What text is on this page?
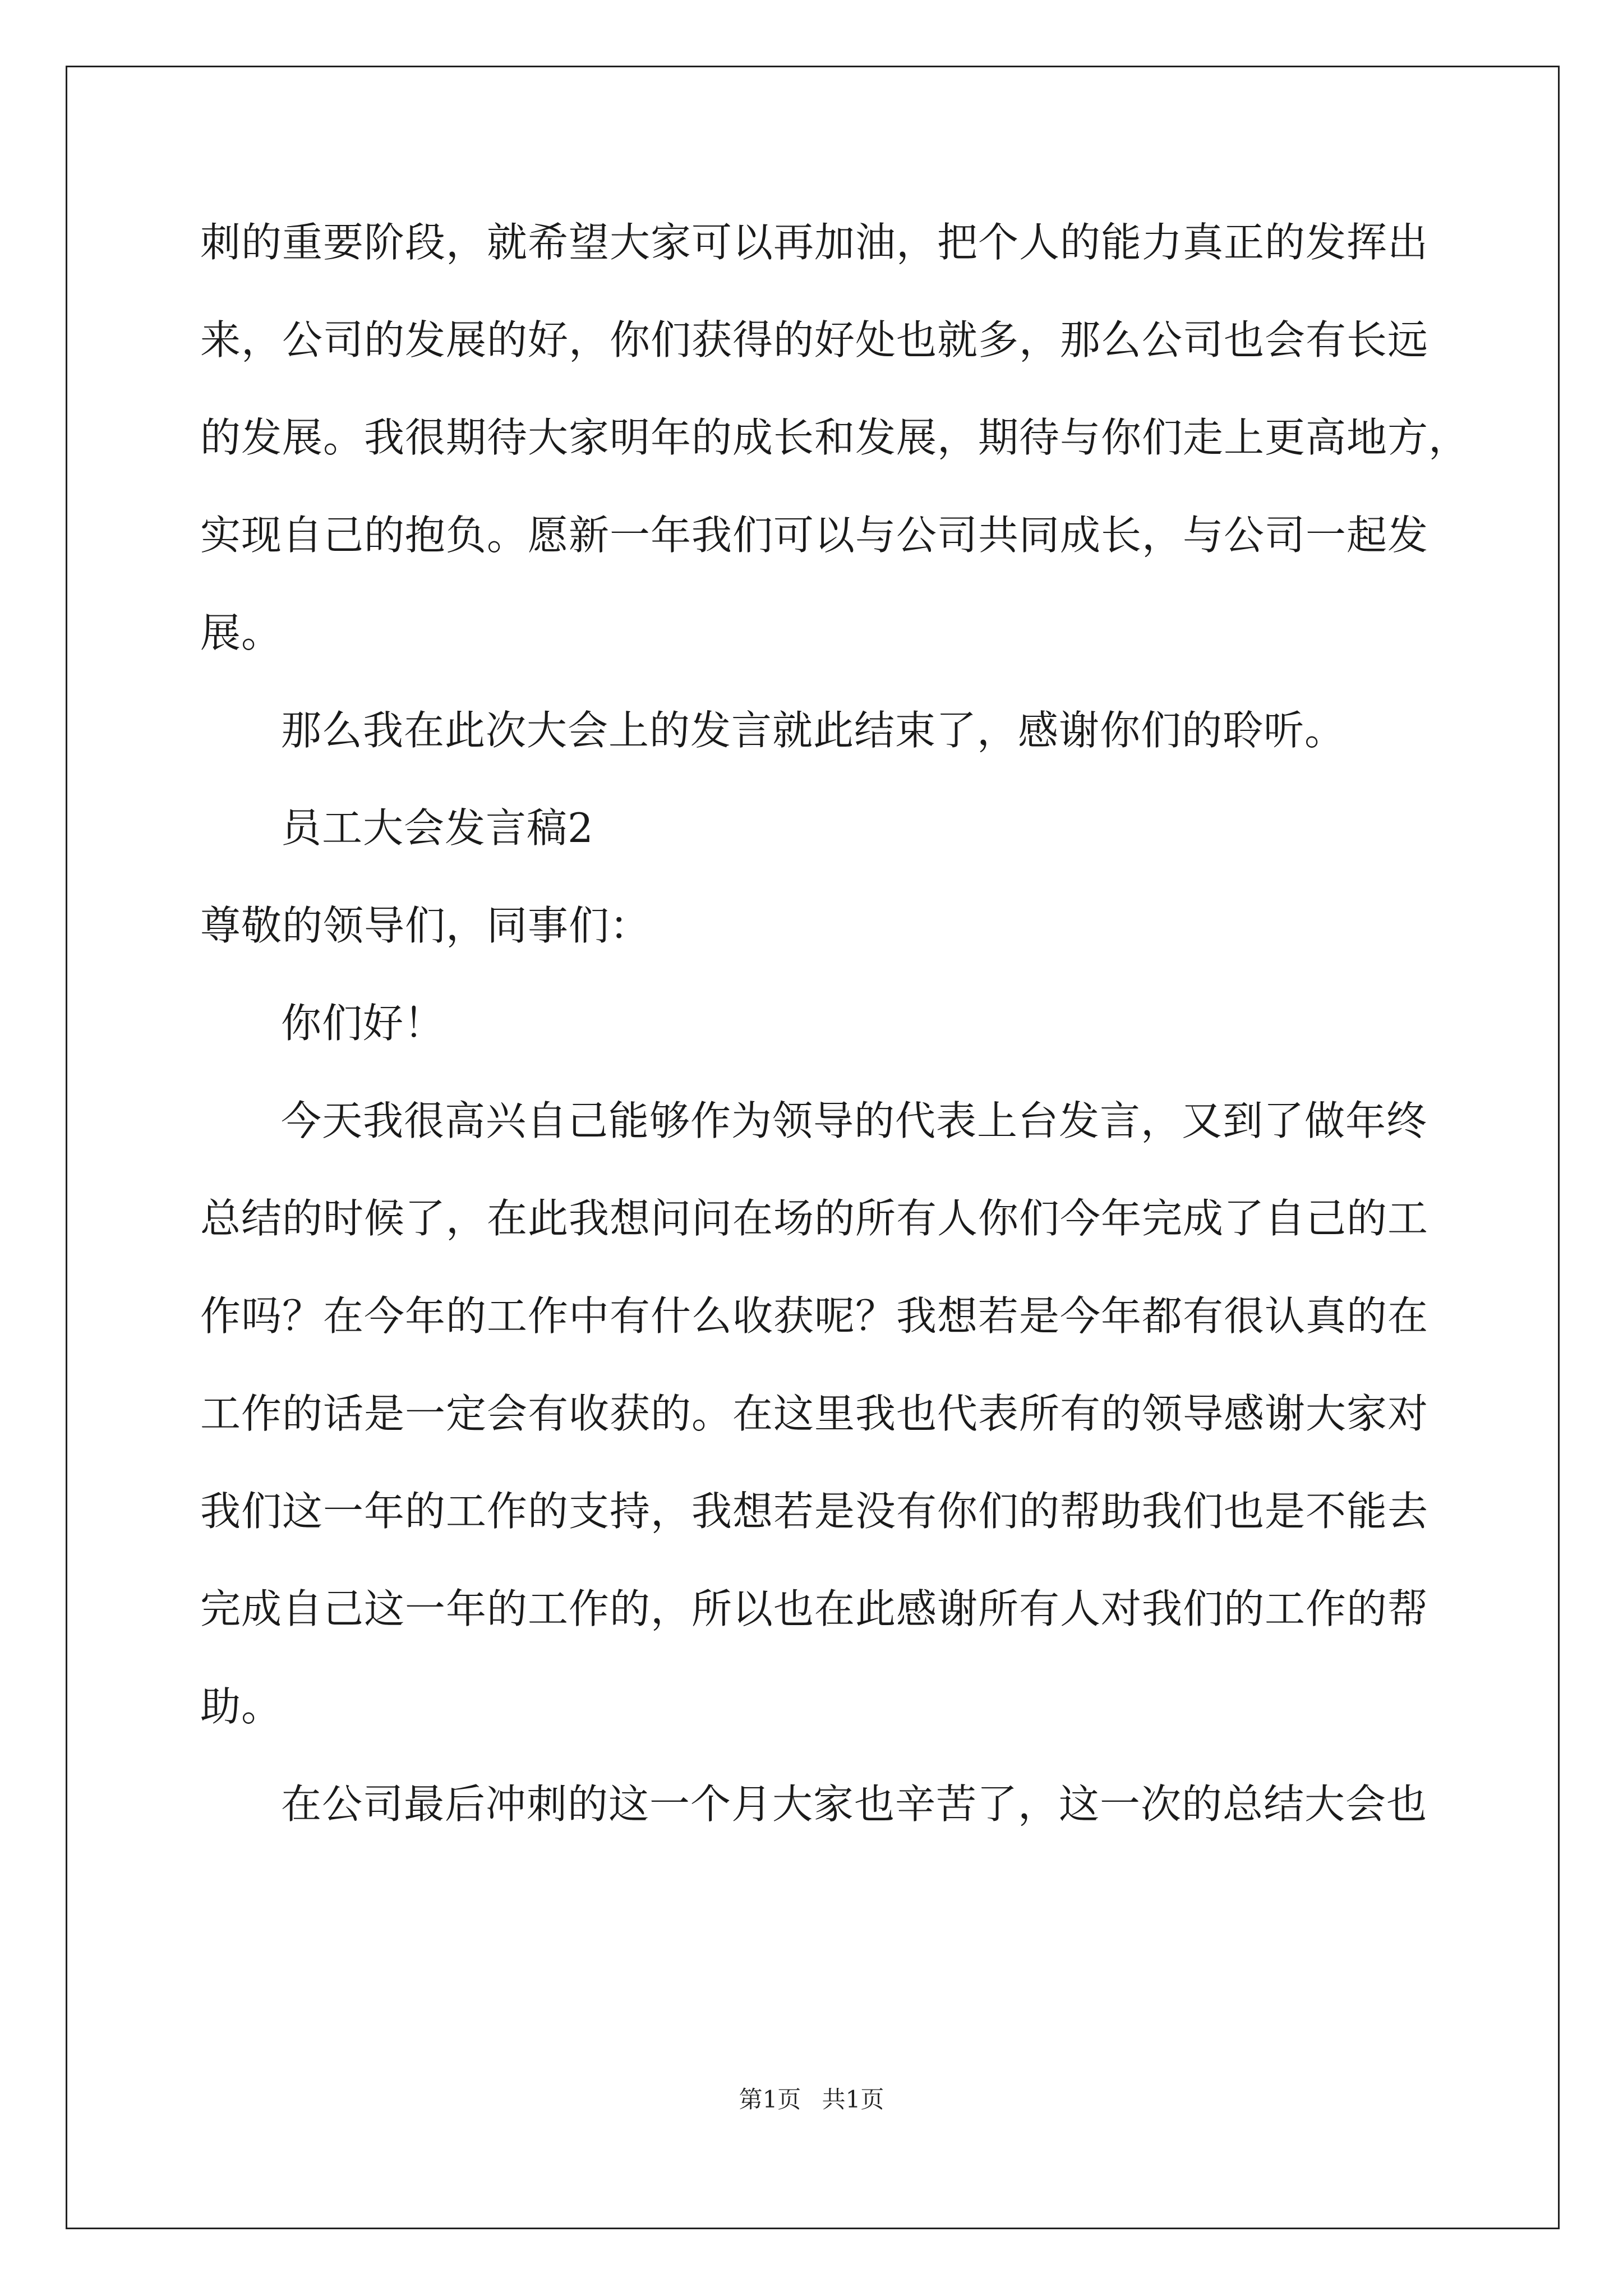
刺的重要阶段，就希望大家可以再加油，把个人的能力真正的发挥出
来，公司的发展的好，你们获得的好处也就多，那么公司也会有长远
的发展。我很期待大家明年的成长和发展，期待与你们走上更高地方，
实现自己的抱负。愿新一年我们可以与公司共同成长，与公司一起发
展。
那么我在此次大会上的发言就此结束了，感谢你们的聆听。
员工大会发言稿2
尊敬的领导们，同事们：
你们好！
今天我很高兴自己能够作为领导的代表上台发言，又到了做年终
总结的时候了，在此我想问问在场的所有人你们今年完成了自己的工
作吗？在今年的工作中有什么收获呢？我想若是今年都有很认真的在
工作的话是一定会有收获的。在这里我也代表所有的领导感谢大家对
我们这一年的工作的支持，我想若是没有你们的帮助我们也是不能去
完成自己这一年的工作的，所以也在此感谢所有人对我们的工作的帮
助。
在公司最后冲刺的这一个月大家也辛苦了，这一次的总结大会也
第1页 共1页
